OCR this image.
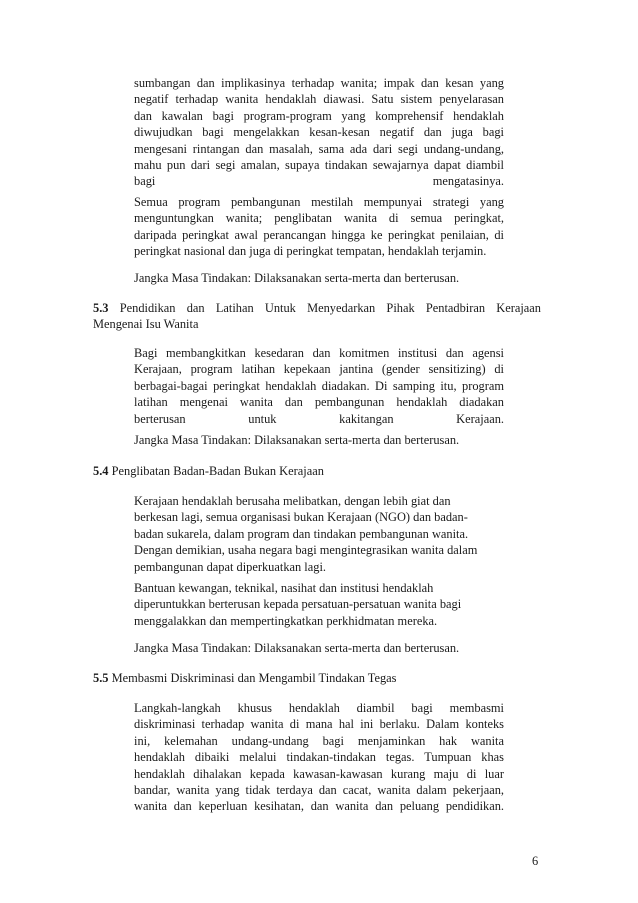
sumbangan dan implikasinya terhadap wanita; impak dan kesan yang
negatif terhadap wanita hendaklah diawasi. Satu sistem penyelarasan
dan kawalan bagi program-program yang komprehensif hendaklah
diwujudkan bagi mengelakkan kesan-kesan negatif dan juga bagi
mengesani rintangan dan masalah, sama ada dari segi undang-undang,
mahu pun dari segi amalan, supaya tindakan sewajarnya dapat diambil
bagi mengatasinya.
Semua program pembangunan mestilah mempunyai strategi yang
menguntungkan wanita; penglibatan wanita di semua peringkat,
daripada peringkat awal perancangan hingga ke peringkat penilaian, di
peringkat nasional dan juga di peringkat tempatan, hendaklah terjamin.
Jangka Masa Tindakan: Dilaksanakan serta-merta dan berterusan.
5.3 Pendidikan dan Latihan Untuk Menyedarkan Pihak Pentadbiran Kerajaan
Mengenai Isu Wanita
Bagi membangkitkan kesedaran dan komitmen institusi dan agensi
Kerajaan, program latihan kepekaan jantina (gender sensitizing) di
berbagai-bagai peringkat hendaklah diadakan. Di samping itu, program
latihan mengenai wanita dan pembangunan hendaklah diadakan
berterusan untuk kakitangan Kerajaan.
Jangka Masa Tindakan: Dilaksanakan serta-merta dan berterusan.
5.4 Penglibatan Badan-Badan Bukan Kerajaan
Kerajaan hendaklah berusaha melibatkan, dengan lebih giat dan
berkesan lagi, semua organisasi bukan Kerajaan (NGO) dan badan-
badan sukarela, dalam program dan tindakan pembangunan wanita.
Dengan demikian, usaha negara bagi mengintegrasikan wanita dalam
pembangunan dapat diperkuatkan lagi.
Bantuan kewangan, teknikal, nasihat dan institusi hendaklah
diperuntukkan berterusan kepada persatuan-persatuan wanita bagi
menggalakkan dan mempertingkatkan perkhidmatan mereka.
Jangka Masa Tindakan: Dilaksanakan serta-merta dan berterusan.
5.5 Membasmi Diskriminasi dan Mengambil Tindakan Tegas
Langkah-langkah khusus hendaklah diambil bagi membasmi
diskriminasi terhadap wanita di mana hal ini berlaku. Dalam konteks
ini, kelemahan undang-undang bagi menjaminkan hak wanita
hendaklah dibaiki melalui tindakan-tindakan tegas. Tumpuan khas
hendaklah dihalakan kepada kawasan-kawasan kurang maju di luar
bandar, wanita yang tidak terdaya dan cacat, wanita dalam pekerjaan,
wanita dan keperluan kesihatan, dan wanita dan peluang pendidikan.
6
